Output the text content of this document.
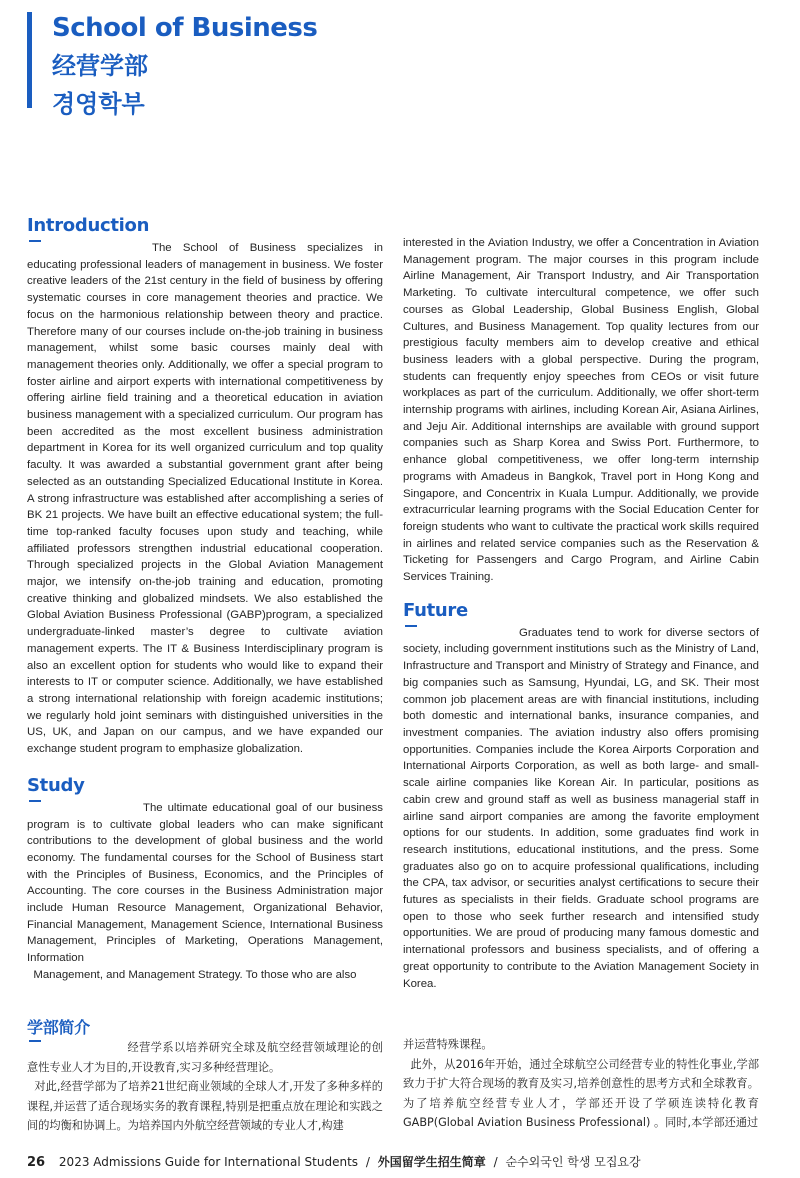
School of Business
经营学部
경영학부
Introduction

The School of Business specializes in educating professional leaders of management in business. We foster creative leaders of the 21st century in the field of business by offering systematic courses in core management theories and practice. We focus on the harmonious relationship between theory and practice. Therefore many of our courses include on-the-job training in business management, whilst some basic courses mainly deal with management theories only. Additionally, we offer a special program to foster airline and airport experts with international competitiveness by offering airline field training and a theoretical education in aviation business management with a specialized curriculum. Our program has been accredited as the most excellent business administration department in Korea for its well organized curriculum and top quality faculty. It was awarded a substantial government grant after being selected as an outstanding Specialized Educational Institute in Korea. A strong infrastructure was established after accomplishing a series of BK 21 projects. We have built an effective educational system; the full-time top-ranked faculty focuses upon study and teaching, while affiliated professors strengthen industrial educational cooperation. Through specialized projects in the Global Aviation Management major, we intensify on-the-job training and education, promoting creative thinking and globalized mindsets. We also established the Global Aviation Business Professional (GABP)program, a specialized undergraduate-linked master’s degree to cultivate aviation management experts. The IT & Business Interdisciplinary program is also an excellent option for students who would like to expand their interests to IT or computer science. Additionally, we have established a strong international relationship with foreign academic institutions; we regularly hold joint seminars with distinguished universities in the US, UK, and Japan on our campus, and we have expanded our exchange student program to emphasize globalization.

Study

The ultimate educational goal of our business program is to cultivate global leaders who can make significant contributions to the development of global business and the world economy. The fundamental courses for the School of Business start with the Principles of Business, Economics, and the Principles of Accounting. The core courses in the Business Administration major include Human Resource Management, Organizational Behavior, Financial Management, Management Science, International Business Management, Principles of Marketing, Operations Management, Information

Management, and Management Strategy. To those who are also

interested in the Aviation Industry, we offer a Concentration in Aviation Management program. The major courses in this program include Airline Management, Air Transport Industry, and Air Transportation Marketing. To cultivate intercultural competence, we offer such courses as Global Leadership, Global Business English, Global Cultures, and Business Management. Top quality lectures from our prestigious faculty members aim to develop creative and ethical business leaders with a global perspective. During the program, students can frequently enjoy speeches from CEOs or visit future workplaces as part of the curriculum. Additionally, we offer short-term internship programs with airlines, including Korean Air, Asiana Airlines, and Jeju Air. Additional internships are available with ground support companies such as Sharp Korea and Swiss Port. Furthermore, to enhance global competitiveness, we offer long-term internship programs with Amadeus in Bangkok, Travel port in Hong Kong and Singapore, and Concentrix in Kuala Lumpur. Additionally, we provide extracurricular learning programs with the Social Education Center for foreign students who want to cultivate the practical work skills required in airlines and related service companies such as the Reservation & Ticketing for Passengers and Cargo Program, and Airline Cabin Services Training.

Future

Graduates tend to work for diverse sectors of society, including government institutions such as the Ministry of Land, Infrastructure and Transport and Ministry of Strategy and Finance, and big companies such as Samsung, Hyundai, LG, and SK. Their most common job placement areas are with financial institutions, including both domestic and international banks, insurance companies, and investment companies. The aviation industry also offers promising opportunities. Companies include the Korea Airports Corporation and International Airports Corporation, as well as both large- and small-scale airline companies like Korean Air. In particular, positions as cabin crew and ground staff as well as business managerial staff in airline sand airport companies are among the favorite employment options for our students. In addition, some graduates find work in research institutions, educational institutions, and the press. Some graduates also go on to acquire professional qualifications, including the CPA, tax advisor, or securities analyst certifications to secure their futures as specialists in their fields. Graduate school programs are open to those who seek further research and intensified study opportunities. We are proud of producing many famous domestic and international professors and business specialists, and of offering a great opportunity to contribute to the Aviation Management Society in Korea.

学部简介

经营学系以培养研究全球及航空经营领域理论的创意性专业人才为目的,开设教育,实习多种经营理论。

对此,经营学部为了培养21世纪商业领域的全球人才,开发了多种多样的课程,并运营了适合现场实务的教育课程,特别是把重点放在理论和实践之间的均衡和协调上。为培养国内外航空经营领域的专业人才,构建

并运营特殊课程。

此外，从2016年开始，通过全球航空公司经营专业的特性化事业,学部致力于扩大符合现场的教育及实习,培养创意性的思考方式和全球教育。为了培养航空经营专业人才，学部还开设了学硕连读特化教育GABP(Global Aviation Business Professional) 。同时,本学部还通过

26 2023 Admissions Guide for International Students / 外国留学生招生简章 / 순수외국인 학생 모집요강
